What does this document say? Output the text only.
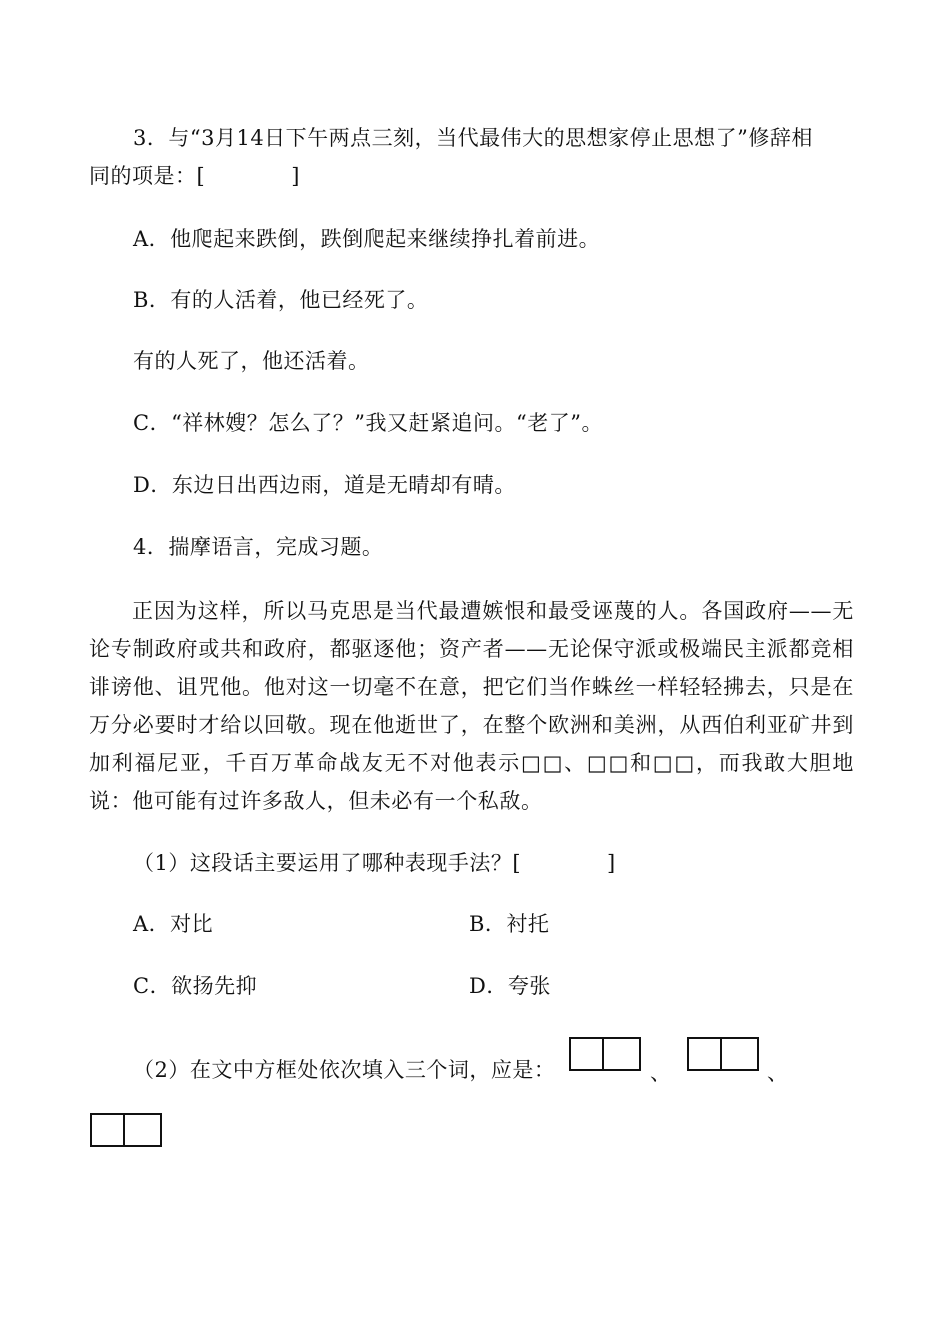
3．与“3月14日下午两点三刻，当代最伟大的思想家停止思想了”修辞相
同的项是：[　　　　]
A．他爬起来跌倒，跌倒爬起来继续挣扎着前进。
B．有的人活着，他已经死了。
有的人死了，他还活着。
C．“祥林嫂？怎么了？”我又赶紧追问。“老了”。
D．东边日出西边雨，道是无晴却有晴。
4．揣摩语言，完成习题。
正因为这样，所以马克思是当代最遭嫉恨和最受诬蔑的人。各国政府——无论专制政府或共和政府，都驱逐他；资产者——无论保守派或极端民主派都竞相诽谤他、诅咒他。他对这一切毫不在意，把它们当作蛛丝一样轻轻拂去，只是在万分必要时才给以回敬。现在他逝世了，在整个欧洲和美洲，从西伯利亚矿井到加利福尼亚，千百万革命战友无不对他表示□□、□□和□□，而我敢大胆地说：他可能有过许多敌人，但未必有一个私敌。
（1）这段话主要运用了哪种表现手法？[　　　　]
A．对比	B．衬托
C．欲扬先抑	D．夸张
（2）在文中方框处依次填入三个词，应是：	、	、
